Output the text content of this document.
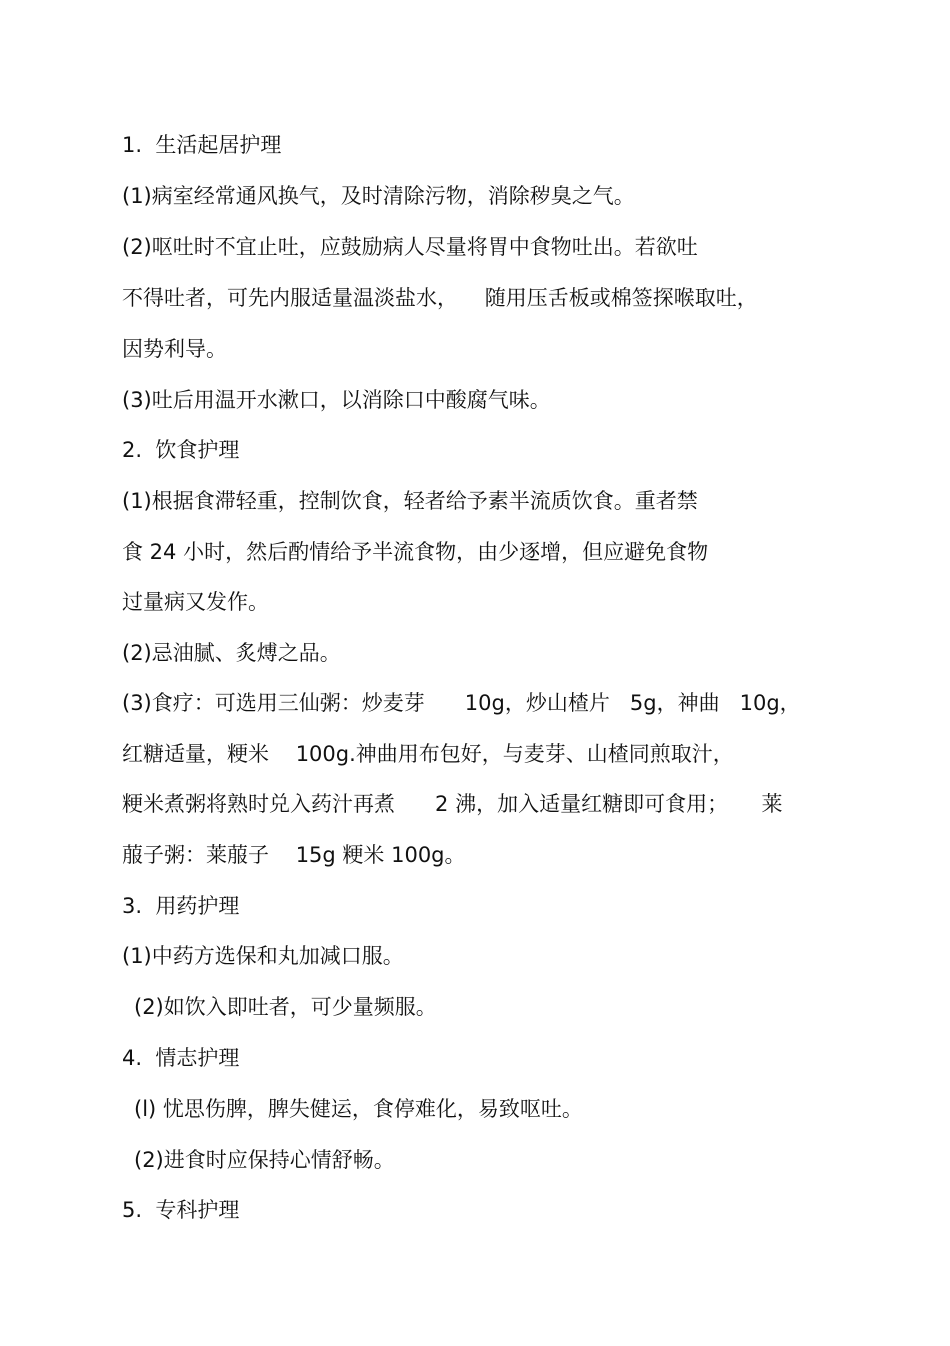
1.  生活起居护理
(1)病室经常通风换气，及时清除污物，消除秽臭之气。
(2)呕吐时不宜止吐，应鼓励病人尽量将胃中食物吐出。若欲吐
不得吐者，可先内服适量温淡盐水，    随用压舌板或棉签探喉取吐，
因势利导。
(3)吐后用温开水漱口，以消除口中酸腐气味。
2.  饮食护理
(1)根据食滞轻重，控制饮食，轻者给予素半流质饮食。重者禁
食 24 小时，然后酌情给予半流食物，由少逐增，但应避免食物
过量病又发作。
(2)忌油腻、炙煿之品。
(3)食疗：可选用三仙粥：炒麦芽      10g，炒山楂片   5g，神曲   10g，
红糖适量，粳米    100g.神曲用布包好，与麦芽、山楂同煎取汁，
粳米煮粥将熟时兑入药汁再煮      2 沸，加入适量红糖即可食用；     莱
菔子粥：莱菔子    15g 粳米 100g。
3.  用药护理
(1)中药方选保和丸加减口服。
(2)如饮入即吐者，可少量频服。
4.  情志护理
(l) 忧思伤脾，脾失健运，食停难化，易致呕吐。
(2)进食时应保持心情舒畅。
5.  专科护理
